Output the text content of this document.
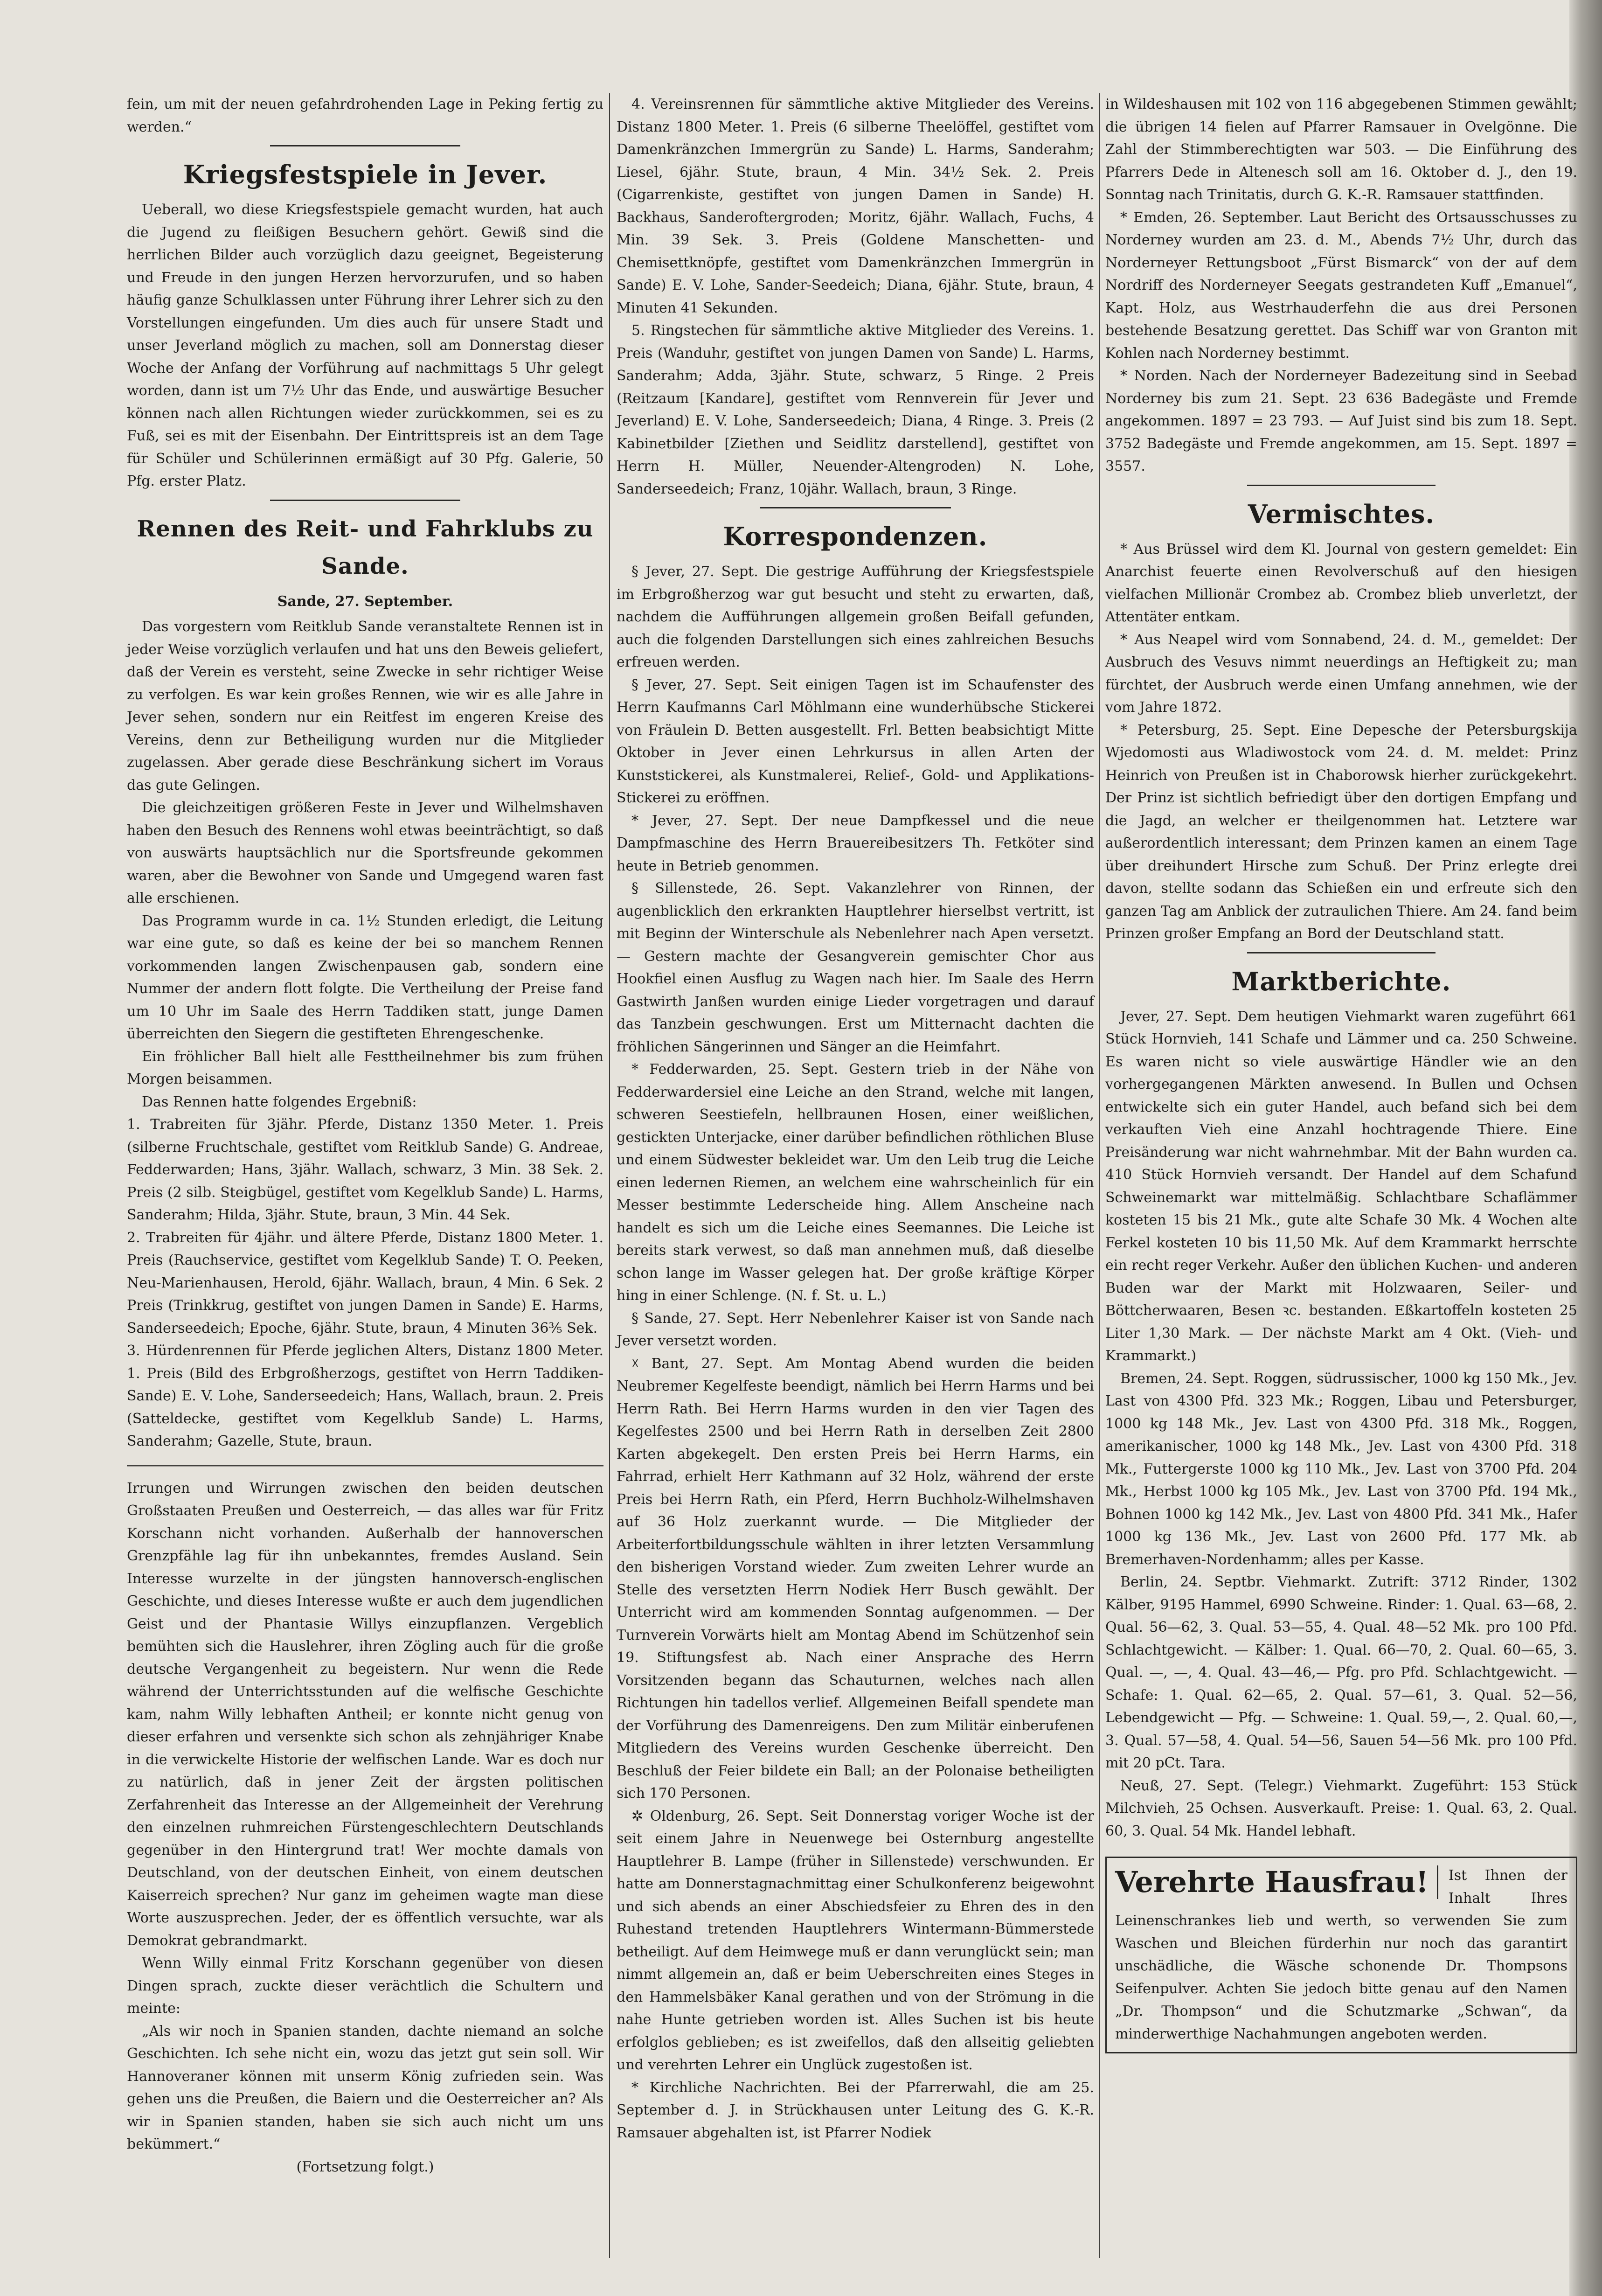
fein, um mit der neuen gefahrdrohenden Lage in Peking fertig zu werden.“

Kriegsfestspiele in Jever.

Ueberall, wo diese Kriegsfestspiele gemacht wurden, hat auch die Jugend zu fleißigen Besuchern gehört. Gewiß sind die herrlichen Bilder auch vorzüglich dazu geeignet, Begeisterung und Freude in den jungen Herzen hervorzurufen, und so haben häufig ganze Schulklassen unter Führung ihrer Lehrer sich zu den Vorstellungen eingefunden. Um dies auch für unsere Stadt und unser Jeverland möglich zu machen, soll am Donnerstag dieser Woche der Anfang der Vorführung auf nachmittags 5 Uhr gelegt worden, dann ist um 7½ Uhr das Ende, und auswärtige Besucher können nach allen Richtungen wieder zurückkommen, sei es zu Fuß, sei es mit der Eisenbahn. Der Eintrittspreis ist an dem Tage für Schüler und Schülerinnen ermäßigt auf 30 Pfg. Galerie, 50 Pfg. erster Platz.

Rennen des Reit- und Fahrklubs zu Sande.

Sande, 27. September.

Das vorgestern vom Reitklub Sande veranstaltete Rennen ist in jeder Weise vorzüglich verlaufen und hat uns den Beweis geliefert, daß der Verein es versteht, seine Zwecke in sehr richtiger Weise zu verfolgen. Es war kein großes Rennen, wie wir es alle Jahre in Jever sehen, sondern nur ein Reitfest im engeren Kreise des Vereins, denn zur Betheiligung wurden nur die Mitglieder zugelassen. Aber gerade diese Beschränkung sichert im Voraus das gute Gelingen.

Die gleichzeitigen größeren Feste in Jever und Wilhelmshaven haben den Besuch des Rennens wohl etwas beeinträchtigt, so daß von auswärts hauptsächlich nur die Sportsfreunde gekommen waren, aber die Bewohner von Sande und Umgegend waren fast alle erschienen.

Das Programm wurde in ca. 1½ Stunden erledigt, die Leitung war eine gute, so daß es keine der bei so manchem Rennen vorkommenden langen Zwischenpausen gab, sondern eine Nummer der andern flott folgte. Die Vertheilung der Preise fand um 10 Uhr im Saale des Herrn Taddiken statt, junge Damen überreichten den Siegern die gestifteten Ehrengeschenke.

Ein fröhlicher Ball hielt alle Festtheilnehmer bis zum frühen Morgen beisammen.

Das Rennen hatte folgendes Ergebniß:

1. Trabreiten für 3jähr. Pferde, Distanz 1350 Meter. 1. Preis (silberne Fruchtschale, gestiftet vom Reitklub Sande) G. Andreae, Fedderwarden; Hans, 3jähr. Wallach, schwarz, 3 Min. 38 Sek. 2. Preis (2 silb. Steigbügel, gestiftet vom Kegelklub Sande) L. Harms, Sanderahm; Hilda, 3jähr. Stute, braun, 3 Min. 44 Sek.

2. Trabreiten für 4jähr. und ältere Pferde, Distanz 1800 Meter. 1. Preis (Rauchservice, gestiftet vom Kegelklub Sande) T. O. Peeken, Neu-Marienhausen, Herold, 6jähr. Wallach, braun, 4 Min. 6 Sek. 2 Preis (Trinkkrug, gestiftet von jungen Damen in Sande) E. Harms, Sanderseedeich; Epoche, 6jähr. Stute, braun, 4 Minuten 36⅗ Sek.

3. Hürdenrennen für Pferde jeglichen Alters, Distanz 1800 Meter. 1. Preis (Bild des Erbgroßherzogs, gestiftet von Herrn Taddiken-Sande) E. V. Lohe, Sanderseedeich; Hans, Wallach, braun. 2. Preis (Satteldecke, gestiftet vom Kegelklub Sande) L. Harms, Sanderahm; Gazelle, Stute, braun.

Irrungen und Wirrungen zwischen den beiden deutschen Großstaaten Preußen und Oesterreich, — das alles war für Fritz Korschann nicht vorhanden. Außerhalb der hannoverschen Grenzpfähle lag für ihn unbekanntes, fremdes Ausland. Sein Interesse wurzelte in der jüngsten hannoversch-englischen Geschichte, und dieses Interesse wußte er auch dem jugendlichen Geist und der Phantasie Willys einzupflanzen. Vergeblich bemühten sich die Hauslehrer, ihren Zögling auch für die große deutsche Vergangenheit zu begeistern. Nur wenn die Rede während der Unterrichtsstunden auf die welfische Geschichte kam, nahm Willy lebhaften Antheil; er konnte nicht genug von dieser erfahren und versenkte sich schon als zehnjähriger Knabe in die verwickelte Historie der welfischen Lande. War es doch nur zu natürlich, daß in jener Zeit der ärgsten politischen Zerfahrenheit das Interesse an der Allgemeinheit der Verehrung den einzelnen ruhmreichen Fürstengeschlechtern Deutschlands gegenüber in den Hintergrund trat! Wer mochte damals von Deutschland, von der deutschen Einheit, von einem deutschen Kaiserreich sprechen? Nur ganz im geheimen wagte man diese Worte auszusprechen. Jeder, der es öffentlich versuchte, war als Demokrat gebrandmarkt.

Wenn Willy einmal Fritz Korschann gegenüber von diesen Dingen sprach, zuckte dieser verächtlich die Schultern und meinte:

„Als wir noch in Spanien standen, dachte niemand an solche Geschichten. Ich sehe nicht ein, wozu das jetzt gut sein soll. Wir Hannoveraner können mit unserm König zufrieden sein. Was gehen uns die Preußen, die Baiern und die Oesterreicher an? Als wir in Spanien standen, haben sie sich auch nicht um uns bekümmert.“

(Fortsetzung folgt.)

4. Vereinsrennen für sämmtliche aktive Mitglieder des Vereins. Distanz 1800 Meter. 1. Preis (6 silberne Theelöffel, gestiftet vom Damenkränzchen Immergrün zu Sande) L. Harms, Sanderahm; Liesel, 6jähr. Stute, braun, 4 Min. 34½ Sek. 2. Preis (Cigarrenkiste, gestiftet von jungen Damen in Sande) H. Backhaus, Sanderoftergroden; Moritz, 6jähr. Wallach, Fuchs, 4 Min. 39 Sek. 3. Preis (Goldene Manschetten- und Chemisettknöpfe, gestiftet vom Damenkränzchen Immergrün in Sande) E. V. Lohe, Sander-Seedeich; Diana, 6jähr. Stute, braun, 4 Minuten 41 Sekunden.

5. Ringstechen für sämmtliche aktive Mitglieder des Vereins. 1. Preis (Wanduhr, gestiftet von jungen Damen von Sande) L. Harms, Sanderahm; Adda, 3jähr. Stute, schwarz, 5 Ringe. 2 Preis (Reitzaum [Kandare], gestiftet vom Rennverein für Jever und Jeverland) E. V. Lohe, Sanderseedeich; Diana, 4 Ringe. 3. Preis (2 Kabinetbilder [Ziethen und Seidlitz darstellend], gestiftet von Herrn H. Müller, Neuender-Altengroden) N. Lohe, Sanderseedeich; Franz, 10jähr. Wallach, braun, 3 Ringe.

Korrespondenzen.

§ Jever, 27. Sept. Die gestrige Aufführung der Kriegsfestspiele im Erbgroßherzog war gut besucht und steht zu erwarten, daß, nachdem die Aufführungen allgemein großen Beifall gefunden, auch die folgenden Darstellungen sich eines zahlreichen Besuchs erfreuen werden.

§ Jever, 27. Sept. Seit einigen Tagen ist im Schaufenster des Herrn Kaufmanns Carl Möhlmann eine wunderhübsche Stickerei von Fräulein D. Betten ausgestellt. Frl. Betten beabsichtigt Mitte Oktober in Jever einen Lehrkursus in allen Arten der Kunststickerei, als Kunstmalerei, Relief-, Gold- und Applikations-Stickerei zu eröffnen.

* Jever, 27. Sept. Der neue Dampfkessel und die neue Dampfmaschine des Herrn Brauereibesitzers Th. Fetköter sind heute in Betrieb genommen.

§ Sillenstede, 26. Sept. Vakanzlehrer von Rinnen, der augenblicklich den erkrankten Hauptlehrer hierselbst vertritt, ist mit Beginn der Winterschule als Nebenlehrer nach Apen versetzt. — Gestern machte der Gesangverein gemischter Chor aus Hookfiel einen Ausflug zu Wagen nach hier. Im Saale des Herrn Gastwirth Janßen wurden einige Lieder vorgetragen und darauf das Tanzbein geschwungen. Erst um Mitternacht dachten die fröhlichen Sängerinnen und Sänger an die Heimfahrt.

* Fedderwarden, 25. Sept. Gestern trieb in der Nähe von Fedderwardersiel eine Leiche an den Strand, welche mit langen, schweren Seestiefeln, hellbraunen Hosen, einer weißlichen, gestickten Unterjacke, einer darüber befindlichen röthlichen Bluse und einem Südwester bekleidet war. Um den Leib trug die Leiche einen ledernen Riemen, an welchem eine wahrscheinlich für ein Messer bestimmte Lederscheide hing. Allem Anscheine nach handelt es sich um die Leiche eines Seemannes. Die Leiche ist bereits stark verwest, so daß man annehmen muß, daß dieselbe schon lange im Wasser gelegen hat. Der große kräftige Körper hing in einer Schlenge. (N. f. St. u. L.)

§ Sande, 27. Sept. Herr Nebenlehrer Kaiser ist von Sande nach Jever versetzt worden.

☓ Bant, 27. Sept. Am Montag Abend wurden die beiden Neubremer Kegelfeste beendigt, nämlich bei Herrn Harms und bei Herrn Rath. Bei Herrn Harms wurden in den vier Tagen des Kegelfestes 2500 und bei Herrn Rath in derselben Zeit 2800 Karten abgekegelt. Den ersten Preis bei Herrn Harms, ein Fahrrad, erhielt Herr Kathmann auf 32 Holz, während der erste Preis bei Herrn Rath, ein Pferd, Herrn Buchholz-Wilhelmshaven auf 36 Holz zuerkannt wurde. — Die Mitglieder der Arbeiterfortbildungsschule wählten in ihrer letzten Versammlung den bisherigen Vorstand wieder. Zum zweiten Lehrer wurde an Stelle des versetzten Herrn Nodiek Herr Busch gewählt. Der Unterricht wird am kommenden Sonntag aufgenommen. — Der Turnverein Vorwärts hielt am Montag Abend im Schützenhof sein 19. Stiftungsfest ab. Nach einer Ansprache des Herrn Vorsitzenden begann das Schauturnen, welches nach allen Richtungen hin tadellos verlief. Allgemeinen Beifall spendete man der Vorführung des Damenreigens. Den zum Militär einberufenen Mitgliedern des Vereins wurden Geschenke überreicht. Den Beschluß der Feier bildete ein Ball; an der Polonaise betheiligten sich 170 Personen.

✲ Oldenburg, 26. Sept. Seit Donnerstag voriger Woche ist der seit einem Jahre in Neuenwege bei Osternburg angestellte Hauptlehrer B. Lampe (früher in Sillenstede) verschwunden. Er hatte am Donnerstagnachmittag einer Schulkonferenz beigewohnt und sich abends an einer Abschiedsfeier zu Ehren des in den Ruhestand tretenden Hauptlehrers Wintermann-Bümmerstede betheiligt. Auf dem Heimwege muß er dann verunglückt sein; man nimmt allgemein an, daß er beim Ueberschreiten eines Steges in den Hammelsbäker Kanal gerathen und von der Strömung in die nahe Hunte getrieben worden ist. Alles Suchen ist bis heute erfolglos geblieben; es ist zweifellos, daß den allseitig geliebten und verehrten Lehrer ein Unglück zugestoßen ist.

* Kirchliche Nachrichten. Bei der Pfarrerwahl, die am 25. September d. J. in Strückhausen unter Leitung des G. K.-R. Ramsauer abgehalten ist, ist Pfarrer Nodiek

in Wildeshausen mit 102 von 116 abgegebenen Stimmen gewählt; die übrigen 14 fielen auf Pfarrer Ramsauer in Ovelgönne. Die Zahl der Stimmberechtigten war 503. — Die Einführung des Pfarrers Dede in Altenesch soll am 16. Oktober d. J., den 19. Sonntag nach Trinitatis, durch G. K.-R. Ramsauer stattfinden.

* Emden, 26. September. Laut Bericht des Ortsausschusses zu Norderney wurden am 23. d. M., Abends 7½ Uhr, durch das Norderneyer Rettungsboot „Fürst Bismarck“ von der auf dem Nordriff des Norderneyer Seegats gestrandeten Kuff „Emanuel“, Kapt. Holz, aus Westrhauderfehn die aus drei Personen bestehende Besatzung gerettet. Das Schiff war von Granton mit Kohlen nach Norderney bestimmt.

* Norden. Nach der Norderneyer Badezeitung sind in Seebad Norderney bis zum 21. Sept. 23 636 Badegäste und Fremde angekommen. 1897 = 23 793. — Auf Juist sind bis zum 18. Sept. 3752 Badegäste und Fremde angekommen, am 15. Sept. 1897 = 3557.

Vermischtes.

* Aus Brüssel wird dem Kl. Journal von gestern gemeldet: Ein Anarchist feuerte einen Revolverschuß auf den hiesigen vielfachen Millionär Crombez ab. Crombez blieb unverletzt, der Attentäter entkam.

* Aus Neapel wird vom Sonnabend, 24. d. M., gemeldet: Der Ausbruch des Vesuvs nimmt neuerdings an Heftigkeit zu; man fürchtet, der Ausbruch werde einen Umfang annehmen, wie der vom Jahre 1872.

* Petersburg, 25. Sept. Eine Depesche der Petersburgskija Wjedomosti aus Wladiwostock vom 24. d. M. meldet: Prinz Heinrich von Preußen ist in Chaborowsk hierher zurückgekehrt. Der Prinz ist sichtlich befriedigt über den dortigen Empfang und die Jagd, an welcher er theilgenommen hat. Letztere war außerordentlich interessant; dem Prinzen kamen an einem Tage über dreihundert Hirsche zum Schuß. Der Prinz erlegte drei davon, stellte sodann das Schießen ein und erfreute sich den ganzen Tag am Anblick der zutraulichen Thiere. Am 24. fand beim Prinzen großer Empfang an Bord der Deutschland statt.

Marktberichte.

Jever, 27. Sept. Dem heutigen Viehmarkt waren zugeführt 661 Stück Hornvieh, 141 Schafe und Lämmer und ca. 250 Schweine. Es waren nicht so viele auswärtige Händler wie an den vorhergegangenen Märkten anwesend. In Bullen und Ochsen entwickelte sich ein guter Handel, auch befand sich bei dem verkauften Vieh eine Anzahl hochtragende Thiere. Eine Preisänderung war nicht wahrnehmbar. Mit der Bahn wurden ca. 410 Stück Hornvieh versandt. Der Handel auf dem Schafund Schweinemarkt war mittelmäßig. Schlachtbare Schaflämmer kosteten 15 bis 21 Mk., gute alte Schafe 30 Mk. 4 Wochen alte Ferkel kosteten 10 bis 11,50 Mk. Auf dem Krammarkt herrschte ein recht reger Verkehr. Außer den üblichen Kuchen- und anderen Buden war der Markt mit Holzwaaren, Seiler- und Böttcherwaaren, Besen ꝛc. bestanden. Eßkartoffeln kosteten 25 Liter 1,30 Mark. — Der nächste Markt am 4 Okt. (Vieh- und Krammarkt.)

Bremen, 24. Sept. Roggen, südrussischer, 1000 kg 150 Mk., Jev. Last von 4300 Pfd. 323 Mk.; Roggen, Libau und Petersburger, 1000 kg 148 Mk., Jev. Last von 4300 Pfd. 318 Mk., Roggen, amerikanischer, 1000 kg 148 Mk., Jev. Last von 4300 Pfd. 318 Mk., Futtergerste 1000 kg 110 Mk., Jev. Last von 3700 Pfd. 204 Mk., Herbst 1000 kg 105 Mk., Jev. Last von 3700 Pfd. 194 Mk., Bohnen 1000 kg 142 Mk., Jev. Last von 4800 Pfd. 341 Mk., Hafer 1000 kg 136 Mk., Jev. Last von 2600 Pfd. 177 Mk. ab Bremerhaven-Nordenhamm; alles per Kasse.

Berlin, 24. Septbr. Viehmarkt. Zutrift: 3712 Rinder, 1302 Kälber, 9195 Hammel, 6990 Schweine. Rinder: 1. Qual. 63—68, 2. Qual. 56—62, 3. Qual. 53—55, 4. Qual. 48—52 Mk. pro 100 Pfd. Schlachtgewicht. — Kälber: 1. Qual. 66—70, 2. Qual. 60—65, 3. Qual. —, —, 4. Qual. 43—46,— Pfg. pro Pfd. Schlachtgewicht. — Schafe: 1. Qual. 62—65, 2. Qual. 57—61, 3. Qual. 52—56, Lebendgewicht — Pfg. — Schweine: 1. Qual. 59,—, 2. Qual. 60,—, 3. Qual. 57—58, 4. Qual. 54—56, Sauen 54—56 Mk. pro 100 Pfd. mit 20 pCt. Tara.

Neuß, 27. Sept. (Telegr.) Viehmarkt. Zugeführt: 153 Stück Milchvieh, 25 Ochsen. Ausverkauft. Preise: 1. Qual. 63, 2. Qual. 60, 3. Qual. 54 Mk. Handel lebhaft.

Verehrte Hausfrau!	Ist Ihnen der Inhalt Ihres Leinenschrankes lieb und werth, so verwenden Sie zum Waschen und Bleichen fürderhin nur noch das garantirt unschädliche, die Wäsche schonende Dr. Thompsons Seifenpulver. Achten Sie jedoch bitte genau auf den Namen „Dr. Thompson“ und die Schutzmarke „Schwan“, da minderwerthige Nachahmungen angeboten werden.
